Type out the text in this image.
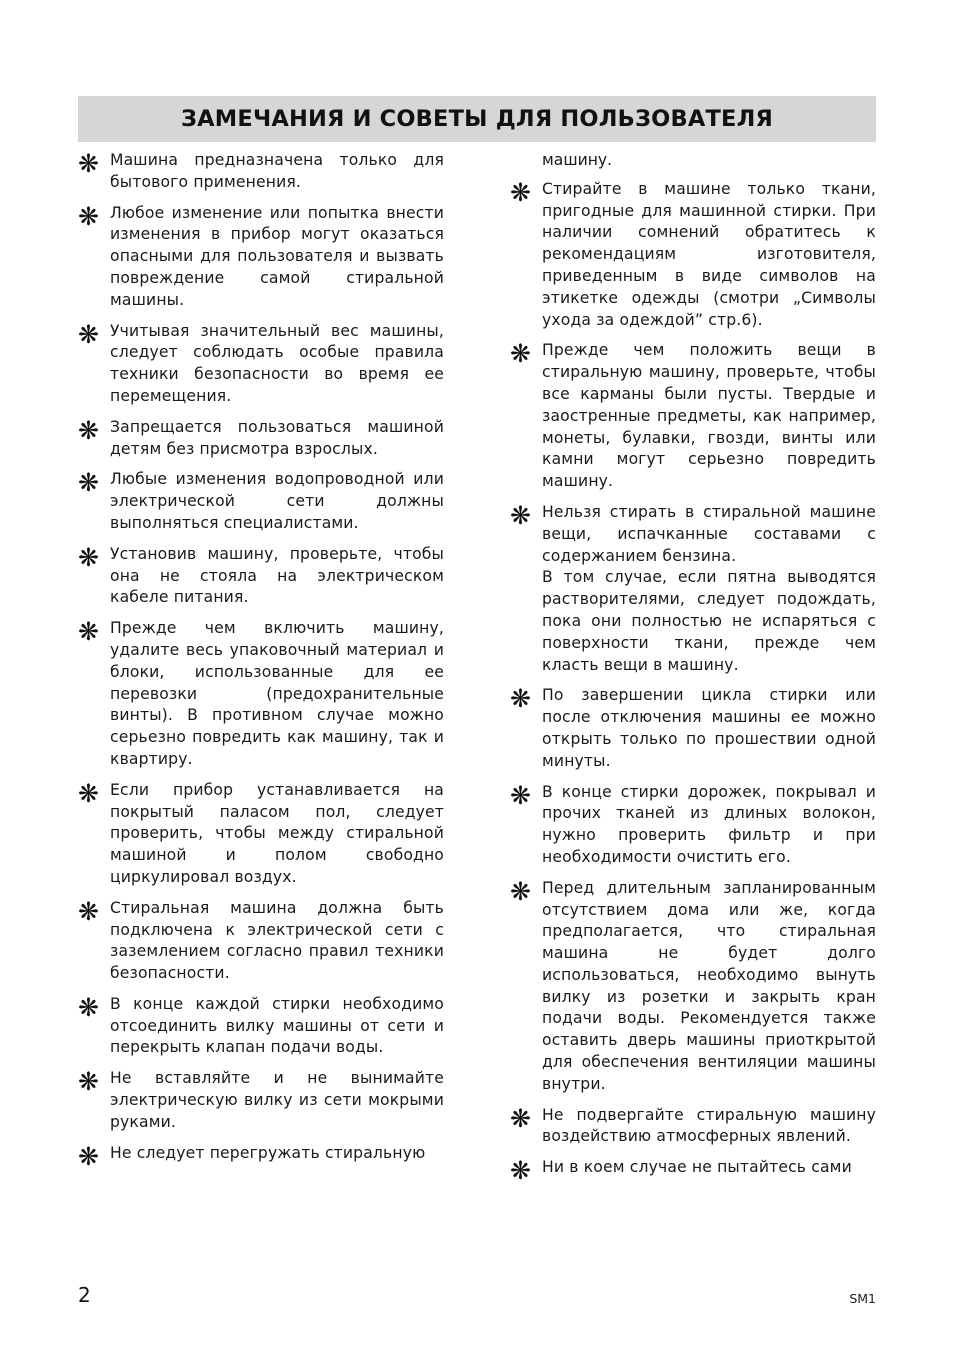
ЗАМЕЧАНИЯ И СОВЕТЫ ДЛЯ ПОЛЬЗОВАТЕЛЯ
❋ Машина предназначена только для бытового применения.

❋ Любое изменение или попытка внести изменения в прибор могут оказаться опасными для пользователя и вызвать повреждение самой стиральной машины.

❋ Учитывая значительный вес машины, следует соблюдать особые правила техники безопасности во время ее перемещения.

❋ Запрещается пользоваться машиной детям без присмотра взрослых.

❋ Любые изменения водопроводной или электрической сети должны выполняться специалистами.

❋ Установив машину, проверьте, чтобы она не стояла на электрическом кабеле питания.

❋ Прежде чем включить машину, удалите весь упаковочный материал и блоки, использованные для ее перевозки (предохранительные винты). В противном случае можно серьезно повредить как машину, так и квартиру.

❋ Если прибор устанавливается на покрытый паласом пол, следует проверить, чтобы между стиральной машиной и полом свободно циркулировал воздух.

❋ Стиральная машина должна быть подключена к электрической сети с заземлением согласно правил техники безопасности.

❋ В конце каждой стирки необходимо отсоединить вилку машины от сети и перекрыть клапан подачи воды.

❋ Не вставляйте и не вынимайте электрическую вилку из сети мокрыми руками.

❋ Не следует перегружать стиральную

машину.

❋ Стирайте в машине только ткани, пригодные для машинной стирки. При наличии сомнений обратитесь к рекомендациям изготовителя, приведенным в виде символов на этикетке одежды (смотри „Символы ухода за одеждой” стр.6).

❋ Прежде чем положить вещи в стиральную машину, проверьте, чтобы все карманы были пусты. Твердые и заостренные предметы, как например, монеты, булавки, гвозди, винты или камни могут серьезно повредить машину.

❋ Нельзя стирать в стиральной машине вещи, испачканные составами с содержанием бензина.

В том случае, если пятна выводятся растворителями, следует подождать, пока они полностью не испаряться с поверхности ткани, прежде чем класть вещи в машину.

❋ По завершении цикла стирки или после отключения машины ее можно открыть только по прошествии одной минуты.

❋ В конце стирки дорожек, покрывал и прочих тканей из длиных волокон, нужно проверить фильтр и при необходимости очистить его.

❋ Перед длительным запланированным отсутствием дома или же, когда предполагается, что стиральная машина не будет долго использоваться, необходимо вынуть вилку из розетки и закрыть кран подачи воды. Рекомендуется также оставить дверь машины приоткрытой для обеспечения вентиляции машины внутри.

❋ Не подвергайте стиральную машину воздействию атмосферных явлений.

❋ Ни в коем случае не пытайтесь сами

2	SM1
